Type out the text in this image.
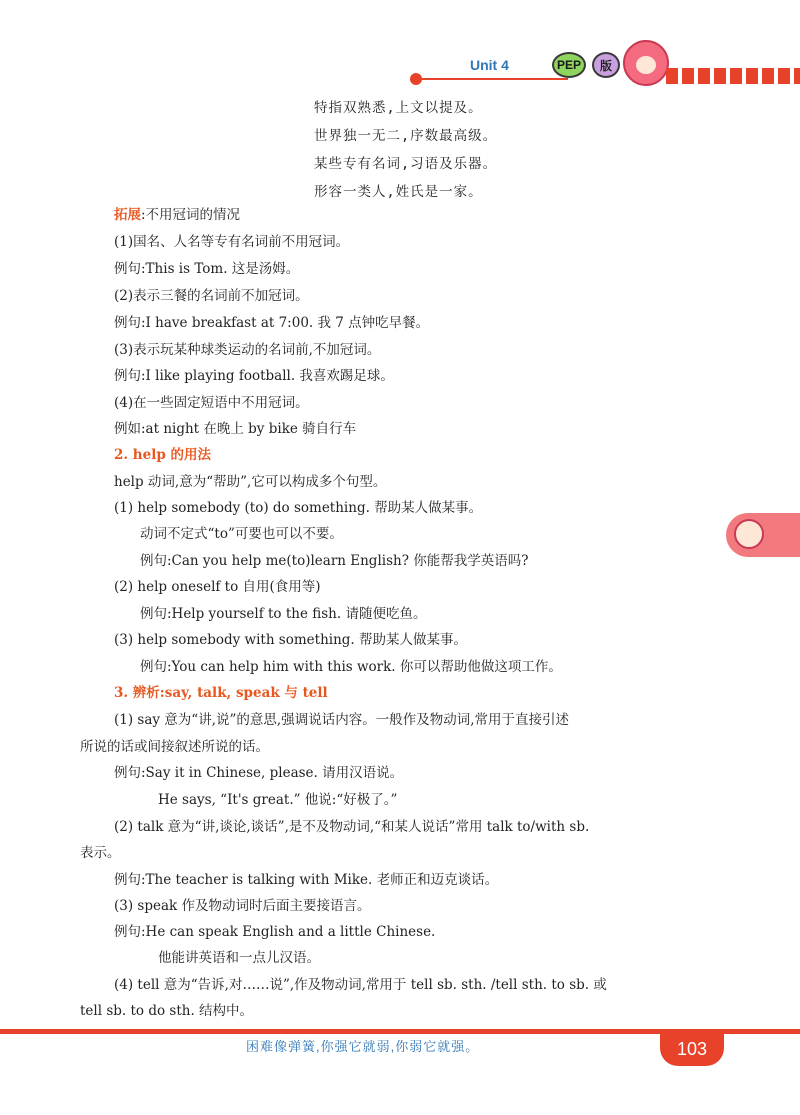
Unit 4	PEP	版
特指双熟悉,上文以提及。
世界独一无二,序数最高级。
某些专有名词,习语及乐器。
形容一类人,姓氏是一家。
拓展:不用冠词的情况
(1)国名、人名等专有名词前不用冠词。
例句:This is Tom. 这是汤姆。
(2)表示三餐的名词前不加冠词。
例句:I have breakfast at 7:00. 我 7 点钟吃早餐。
(3)表示玩某种球类运动的名词前,不加冠词。
例句:I like playing football. 我喜欢踢足球。
(4)在一些固定短语中不用冠词。
例如:at night 在晚上 by bike 骑自行车
2. help 的用法
help 动词,意为“帮助”,它可以构成多个句型。
(1) help somebody (to) do something. 帮助某人做某事。
动词不定式“to”可要也可以不要。
例句:Can you help me(to)learn English? 你能帮我学英语吗?
(2) help oneself to 自用(食用等)
例句:Help yourself to the fish. 请随便吃鱼。
(3) help somebody with something. 帮助某人做某事。
例句:You can help him with this work. 你可以帮助他做这项工作。
3. 辨析:say, talk, speak 与 tell
(1) say 意为“讲,说”的意思,强调说话内容。一般作及物动词,常用于直接引述
所说的话或间接叙述所说的话。
例句:Say it in Chinese, please. 请用汉语说。
He says, “It's great.” 他说:“好极了。”
(2) talk 意为“讲,谈论,谈话”,是不及物动词,“和某人说话”常用 talk to/with sb.
表示。
例句:The teacher is talking with Mike. 老师正和迈克谈话。
(3) speak 作及物动词时后面主要接语言。
例句:He can speak English and a little Chinese.
他能讲英语和一点儿汉语。
(4) tell 意为“告诉,对……说”,作及物动词,常用于 tell sb. sth. /tell sth. to sb. 或
tell sb. to do sth. 结构中。
困难像弹簧,你强它就弱,你弱它就强。	103
